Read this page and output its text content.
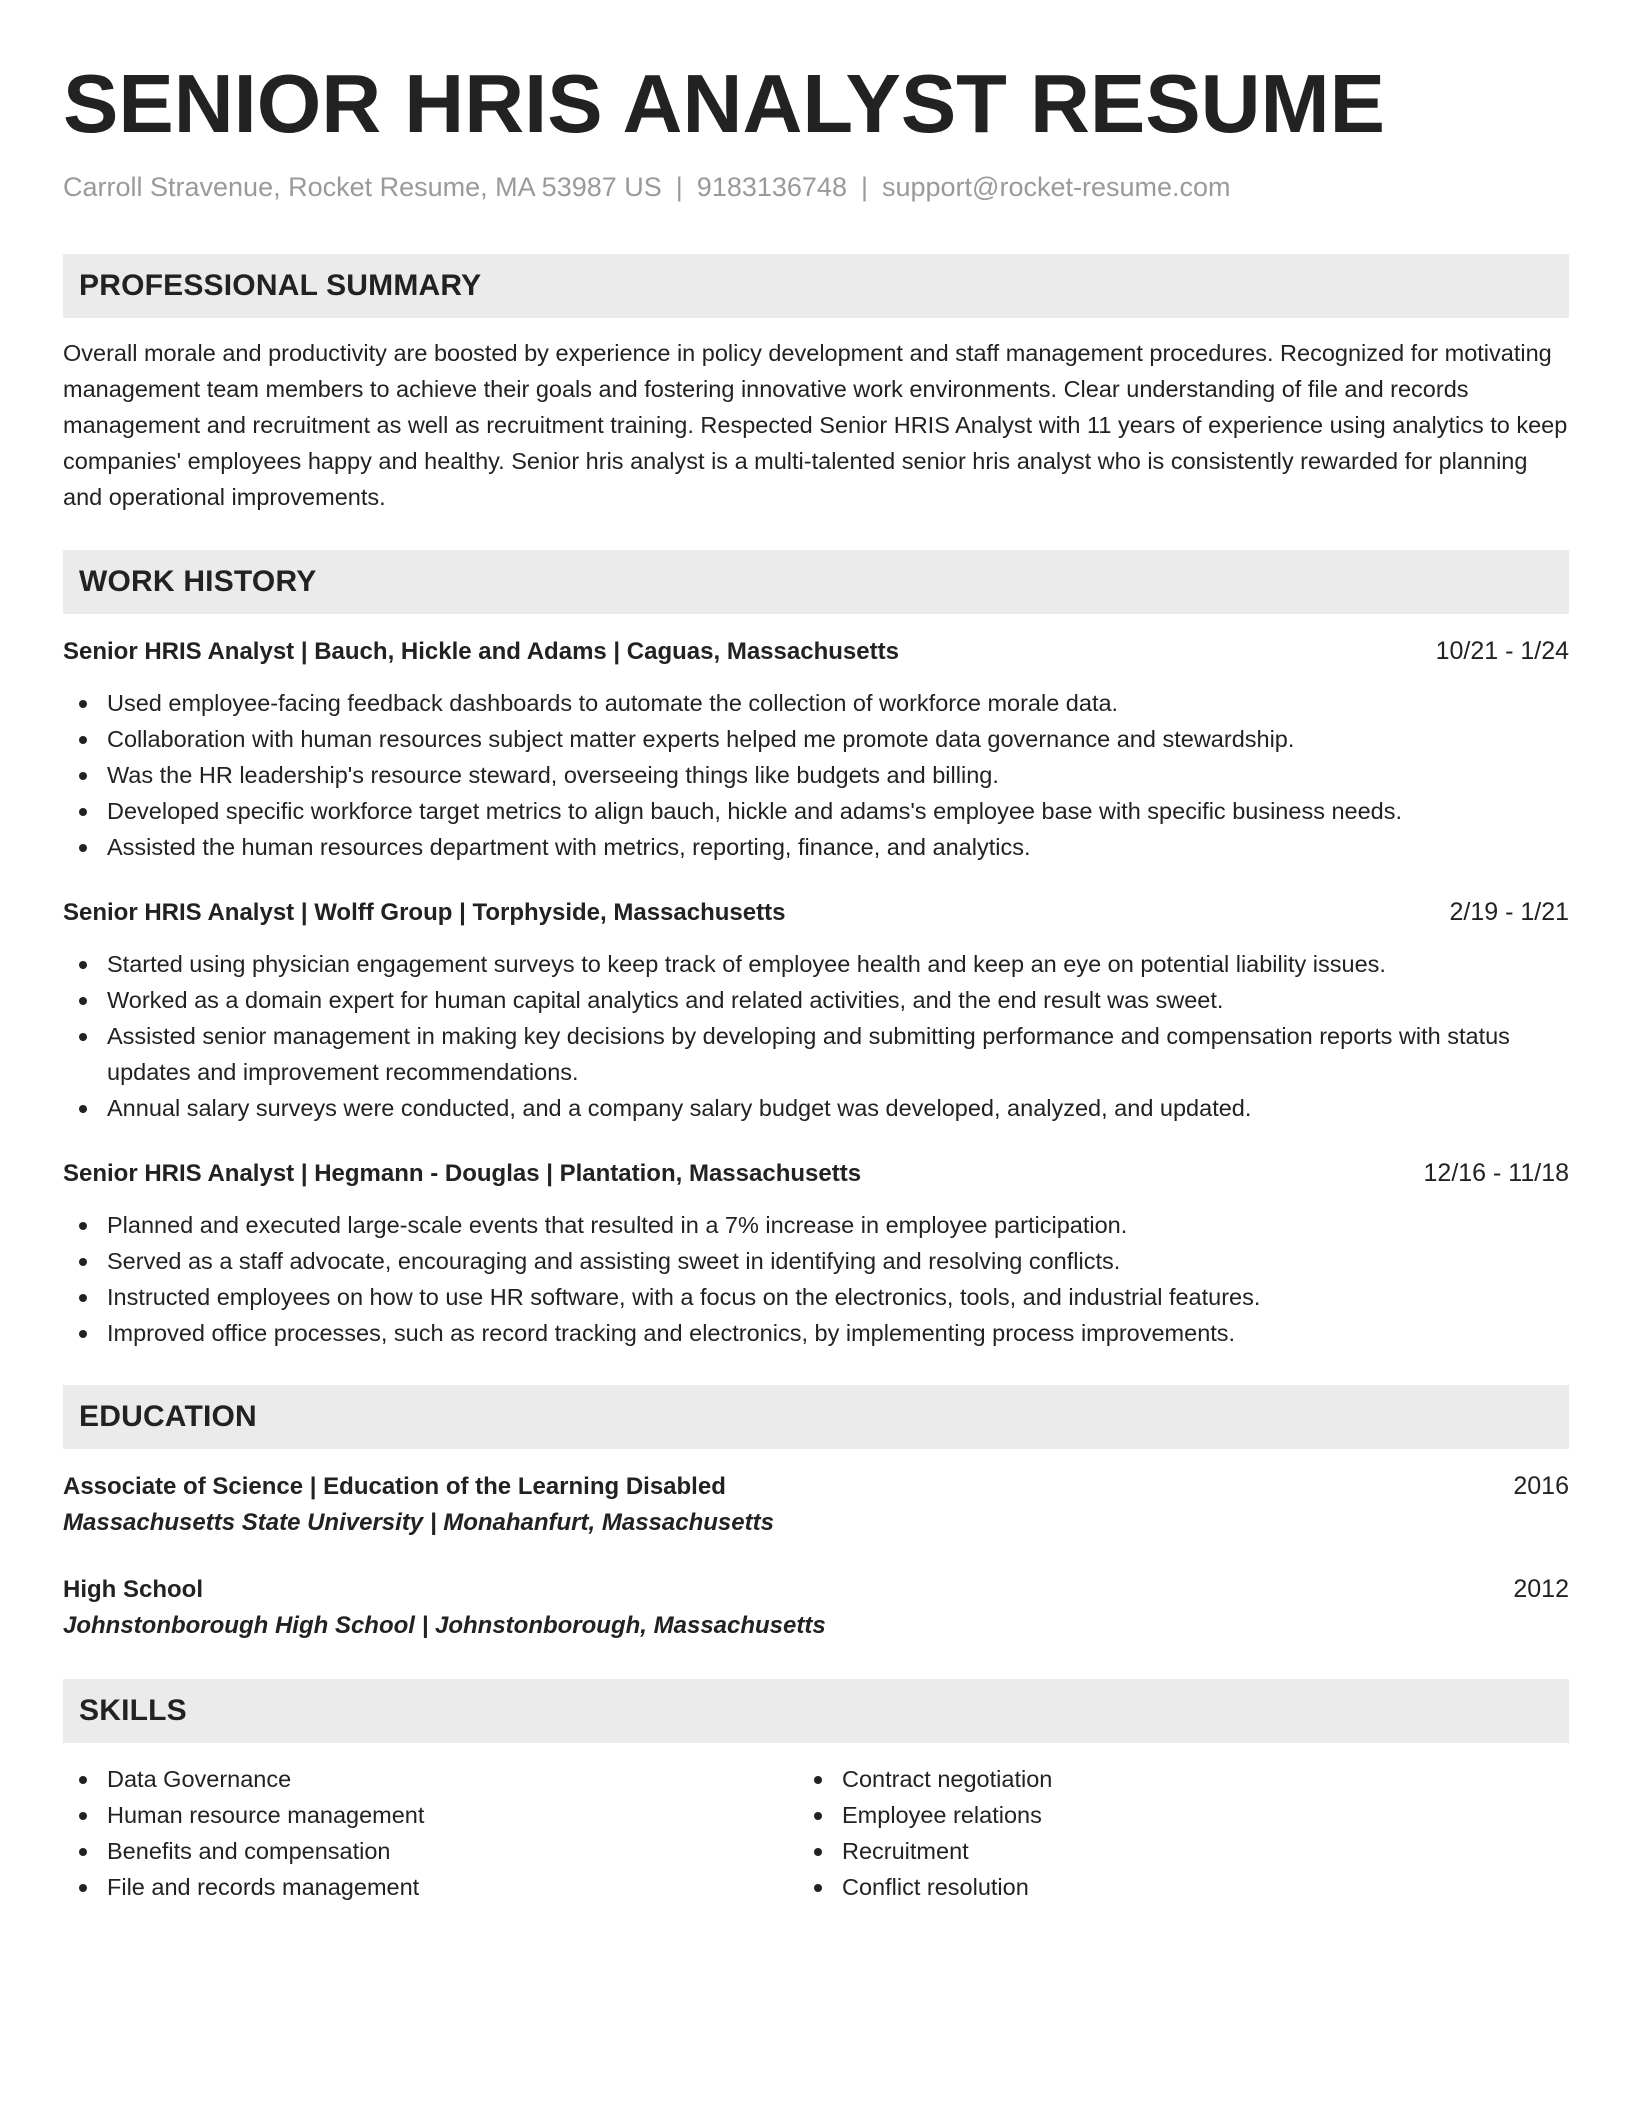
SENIOR HRIS ANALYST RESUME
Carroll Stravenue, Rocket Resume, MA 53987 US | 9183136748 | support@rocket-resume.com
PROFESSIONAL SUMMARY

Overall morale and productivity are boosted by experience in policy development and staff management procedures. Recognized for motivating management team members to achieve their goals and fostering innovative work environments. Clear understanding of file and records management and recruitment as well as recruitment training. Respected Senior HRIS Analyst with 11 years of experience using analytics to keep companies' employees happy and healthy. Senior hris analyst is a multi-talented senior hris analyst who is consistently rewarded for planning and operational improvements.

WORK HISTORY
Senior HRIS Analyst | Bauch, Hickle and Adams | Caguas, Massachusetts	10/21 - 1/24
Used employee-facing feedback dashboards to automate the collection of workforce morale data.
Collaboration with human resources subject matter experts helped me promote data governance and stewardship.
Was the HR leadership's resource steward, overseeing things like budgets and billing.
Developed specific workforce target metrics to align bauch, hickle and adams's employee base with specific business needs.
Assisted the human resources department with metrics, reporting, finance, and analytics.
Senior HRIS Analyst | Wolff Group | Torphyside, Massachusetts	2/19 - 1/21
Started using physician engagement surveys to keep track of employee health and keep an eye on potential liability issues.
Worked as a domain expert for human capital analytics and related activities, and the end result was sweet.
Assisted senior management in making key decisions by developing and submitting performance and compensation reports with status updates and improvement recommendations.
Annual salary surveys were conducted, and a company salary budget was developed, analyzed, and updated.
Senior HRIS Analyst | Hegmann - Douglas | Plantation, Massachusetts	12/16 - 11/18
Planned and executed large-scale events that resulted in a 7% increase in employee participation.
Served as a staff advocate, encouraging and assisting sweet in identifying and resolving conflicts.
Instructed employees on how to use HR software, with a focus on the electronics, tools, and industrial features.
Improved office processes, such as record tracking and electronics, by implementing process improvements.
EDUCATION
Associate of Science | Education of the Learning Disabled	2016
Massachusetts State University | Monahanfurt, Massachusetts
High School	2012
Johnstonborough High School | Johnstonborough, Massachusetts
SKILLS
Data Governance
Human resource management
Benefits and compensation
File and records management
Contract negotiation
Employee relations
Recruitment
Conflict resolution
